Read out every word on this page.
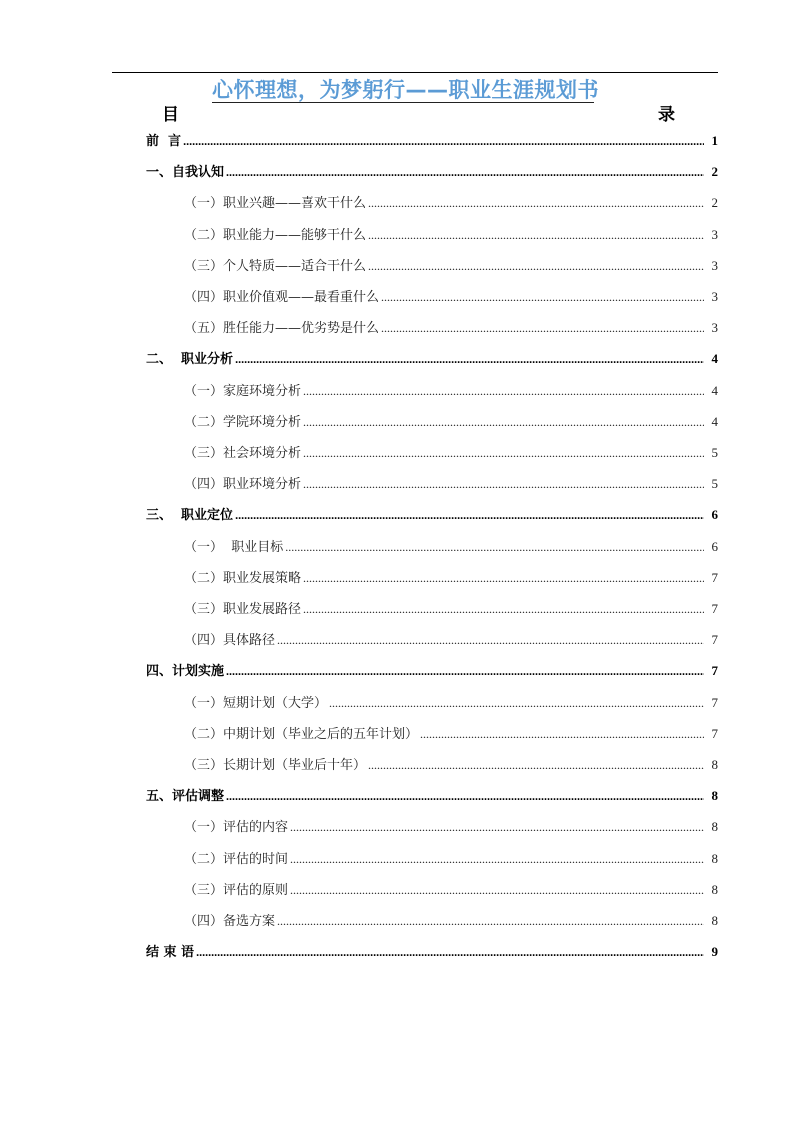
心怀理想，为梦躬行——职业生涯规划书
目	录
前  言 .....	1
一、自我认知 .....	2
（一）职业兴趣——喜欢干什么 .....	2
（二）职业能力——能够干什么 .....	3
（三）个人特质——适合干什么 .....	3
（四）职业价值观——最看重什么 .....	3
（五）胜任能力——优劣势是什么 .....	3
二、  职业分析 .....	4
（一）家庭环境分析 .....	4
（二）学院环境分析 .....	4
（三）社会环境分析 .....	5
（四）职业环境分析 .....	5
三、  职业定位 .....	6
（一）  职业目标 .....	6
（二）职业发展策略 .....	7
（三）职业发展路径 .....	7
（四）具体路径 .....	7
四、计划实施 .....	7
（一）短期计划（大学） .....	7
（二）中期计划（毕业之后的五年计划） .....	7
（三）长期计划（毕业后十年） .....	8
五、评估调整 .....	8
（一）评估的内容 .....	8
（二）评估的时间 .....	8
（三）评估的原则 .....	8
（四）备选方案 .....	8
结 束 语 .....	9
